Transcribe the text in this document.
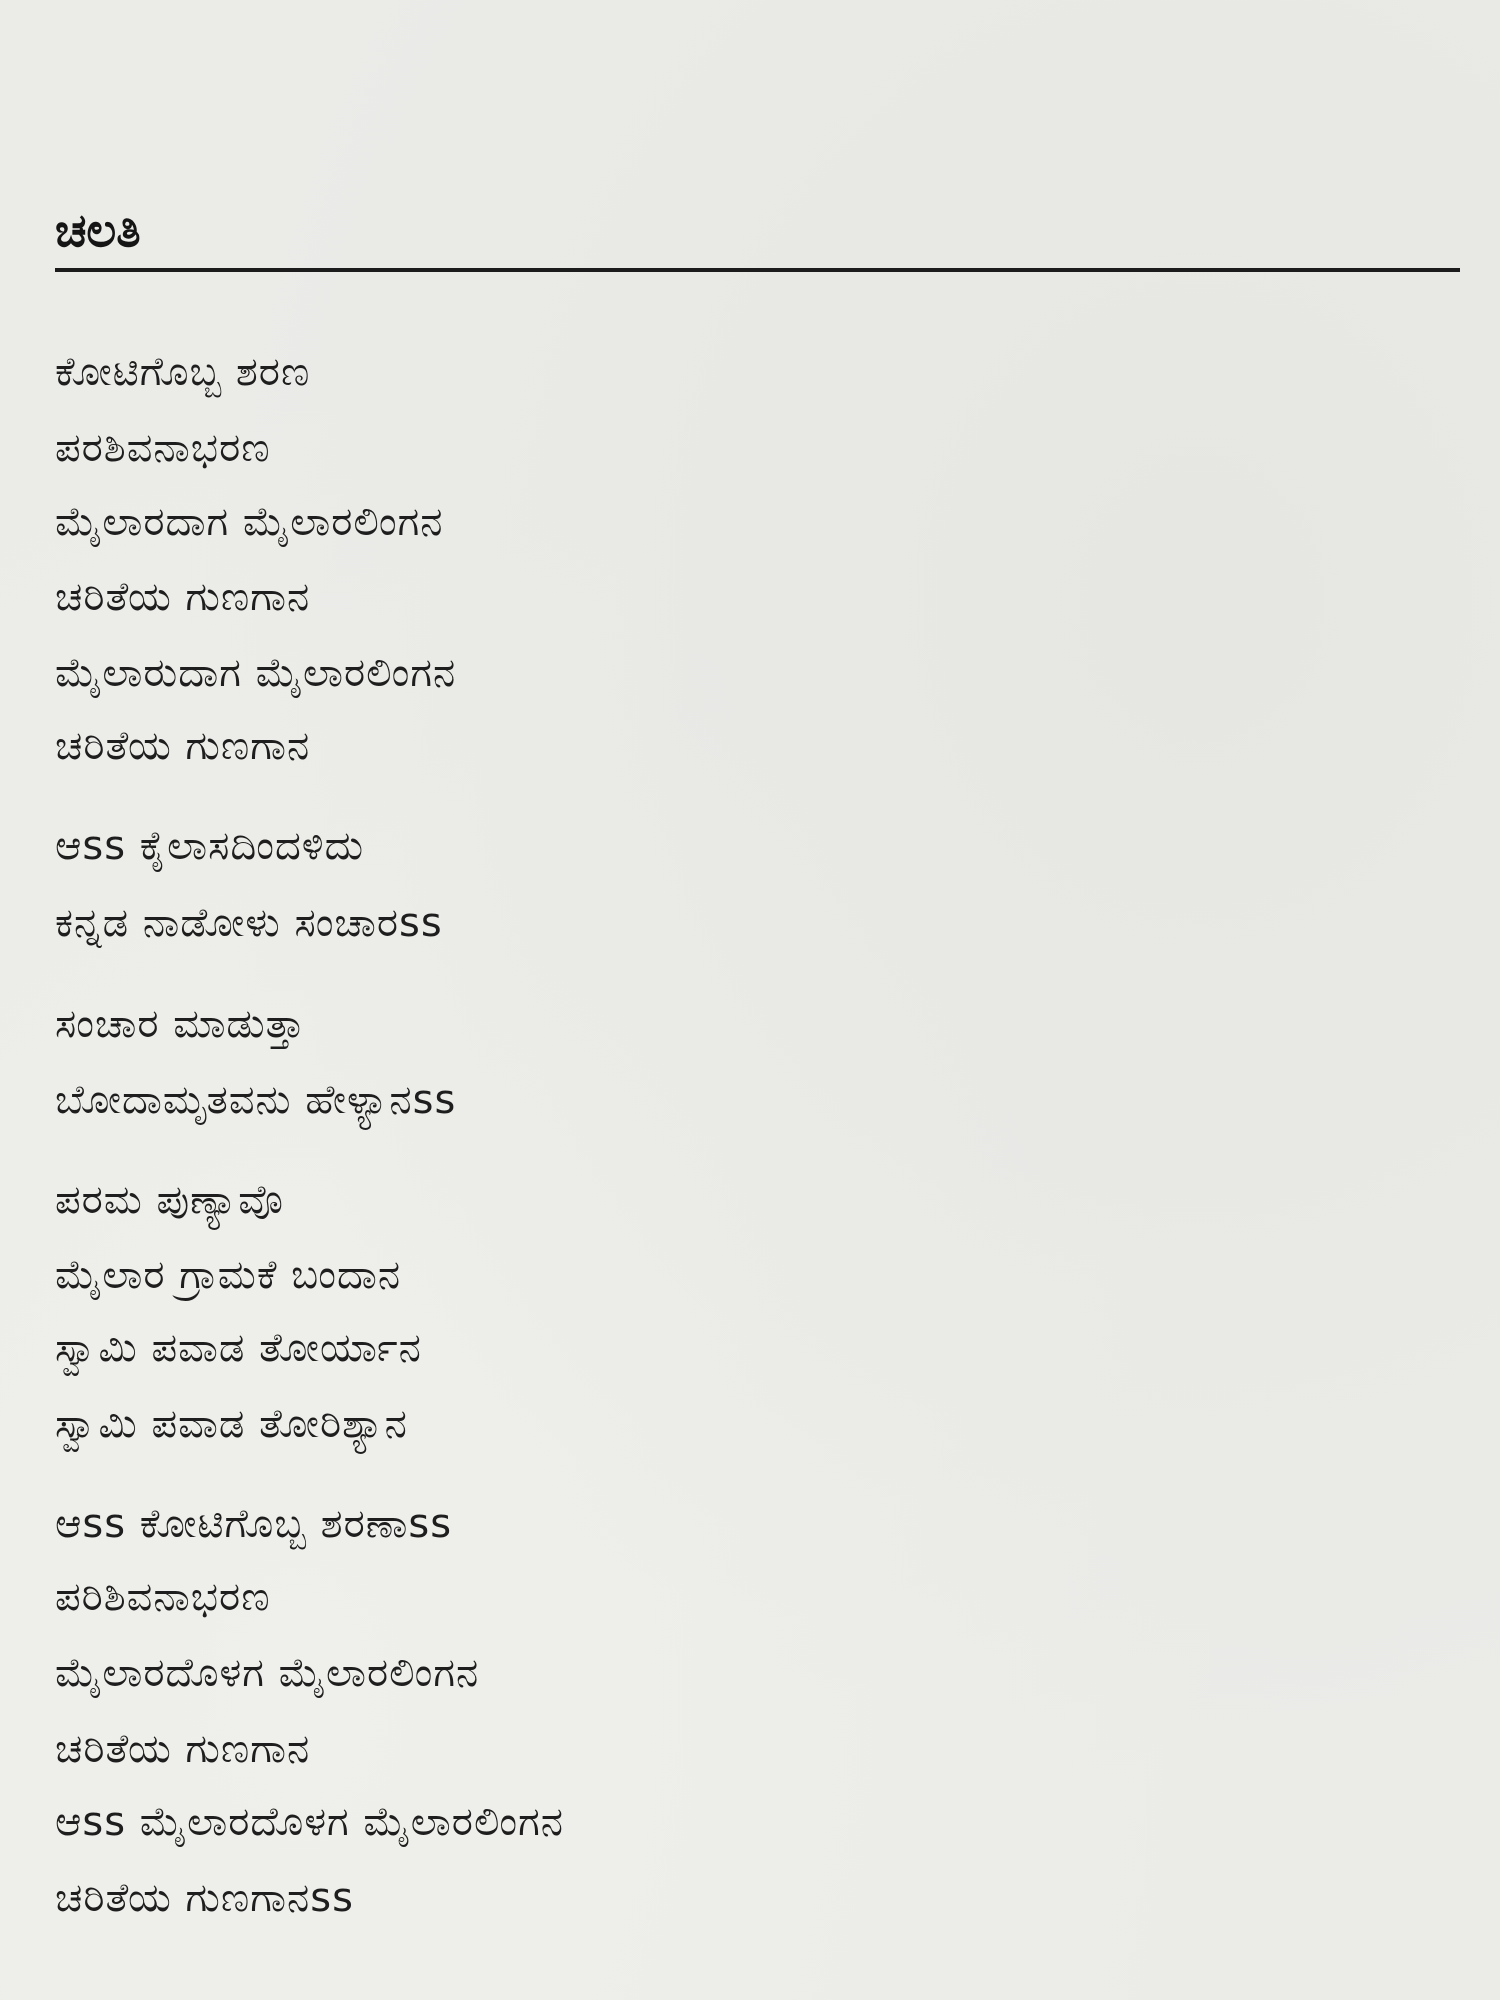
ಚಲತಿ
ಕೋಟಿಗೊಬ್ಬ ಶರಣ
ಪರಶಿವನಾಭರಣ
ಮೈಲಾರದಾಗ ಮೈಲಾರಲಿಂಗನ
ಚರಿತೆಯ ಗುಣಗಾನ
ಮೈಲಾರುದಾಗ ಮೈಲಾರಲಿಂಗನ
ಚರಿತೆಯ ಗುಣಗಾನ
ಆss ಕೈಲಾಸದಿಂದಳಿದು
ಕನ್ನಡ ನಾಡೋಳು ಸಂಚಾರss
ಸಂಚಾರ ಮಾಡುತ್ತಾ
ಬೋದಾಮೃತವನು ಹೇಳ್ಯಾನss
ಪರಮ ಪುಣ್ಯಾವೊ
ಮೈಲಾರ ಗ್ರಾಮಕೆ ಬಂದಾನ
ಸ್ವಾಮಿ ಪವಾಡ ತೋರ್ಯಾನ
ಸ್ವಾಮಿ ಪವಾಡ ತೋರಿಶ್ಯಾನ
ಆss ಕೋಟಿಗೊಬ್ಬ ಶರಣಾss
ಪರಿಶಿವನಾಭರಣ
ಮೈಲಾರದೊಳಗ ಮೈಲಾರಲಿಂಗನ
ಚರಿತೆಯ ಗುಣಗಾನ
ಆss ಮೈಲಾರದೊಳಗ ಮೈಲಾರಲಿಂಗನ
ಚರಿತೆಯ ಗುಣಗಾನss
